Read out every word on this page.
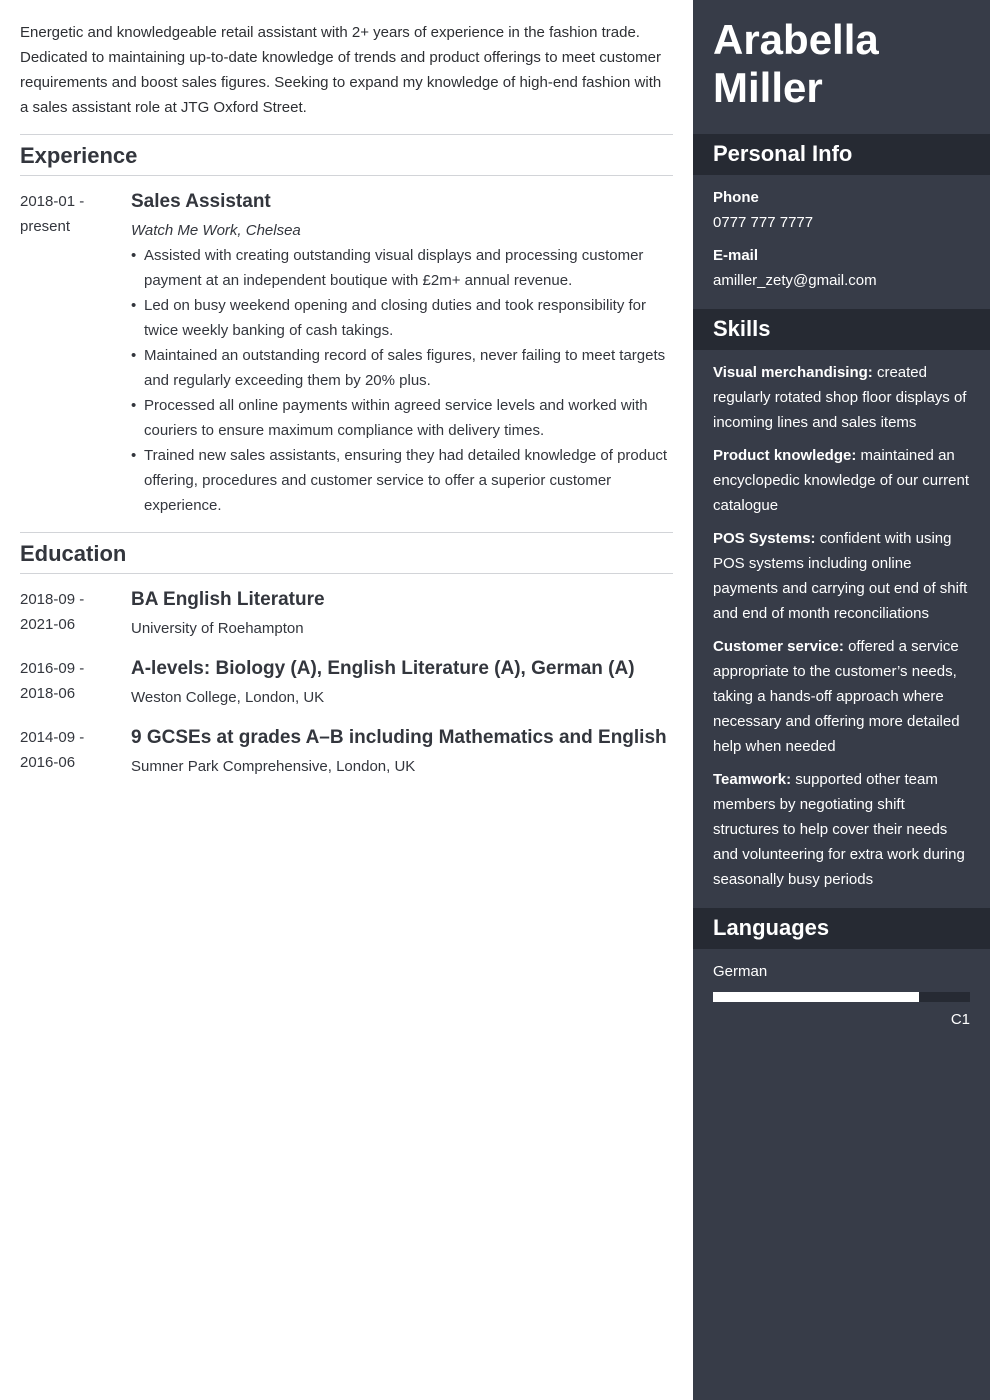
Energetic and knowledgeable retail assistant with 2+ years of experience in the fashion trade. Dedicated to maintaining up-to-date knowledge of trends and product offerings to meet customer requirements and boost sales figures. Seeking to expand my knowledge of high-end fashion with a sales assistant role at JTG Oxford Street.

Experience
2018-01 -
present
Sales Assistant
Watch Me Work, Chelsea
• Assisted with creating outstanding visual displays and processing customer payment at an independent boutique with £2m+ annual revenue.
• Led on busy weekend opening and closing duties and took responsibility for twice weekly banking of cash takings.
• Maintained an outstanding record of sales figures, never failing to meet targets and regularly exceeding them by 20% plus.
• Processed all online payments within agreed service levels and worked with couriers to ensure maximum compliance with delivery times.
• Trained new sales assistants, ensuring they had detailed knowledge of product offering, procedures and customer service to offer a superior customer experience.
Education
2018-09 -
2021-06
BA English Literature
University of Roehampton
2016-09 -
2018-06
A-levels: Biology (A), English Literature (A), German (A)
Weston College, London, UK
2014-09 -
2016-06
9 GCSEs at grades A–B including Mathematics and English
Sumner Park Comprehensive, London, UK
Arabella
Miller
Personal Info
Phone
0777 777 7777
E-mail
amiller_zety@gmail.com
Skills
Visual merchandising: created regularly rotated shop floor displays of incoming lines and sales items
Product knowledge: maintained an encyclopedic knowledge of our current catalogue
POS Systems: confident with using POS systems including online payments and carrying out end of shift and end of month reconciliations
Customer service: offered a service appropriate to the customer’s needs, taking a hands-off approach where necessary and offering more detailed help when needed
Teamwork: supported other team members by negotiating shift structures to help cover their needs and volunteering for extra work during seasonally busy periods
Languages
German
C1
